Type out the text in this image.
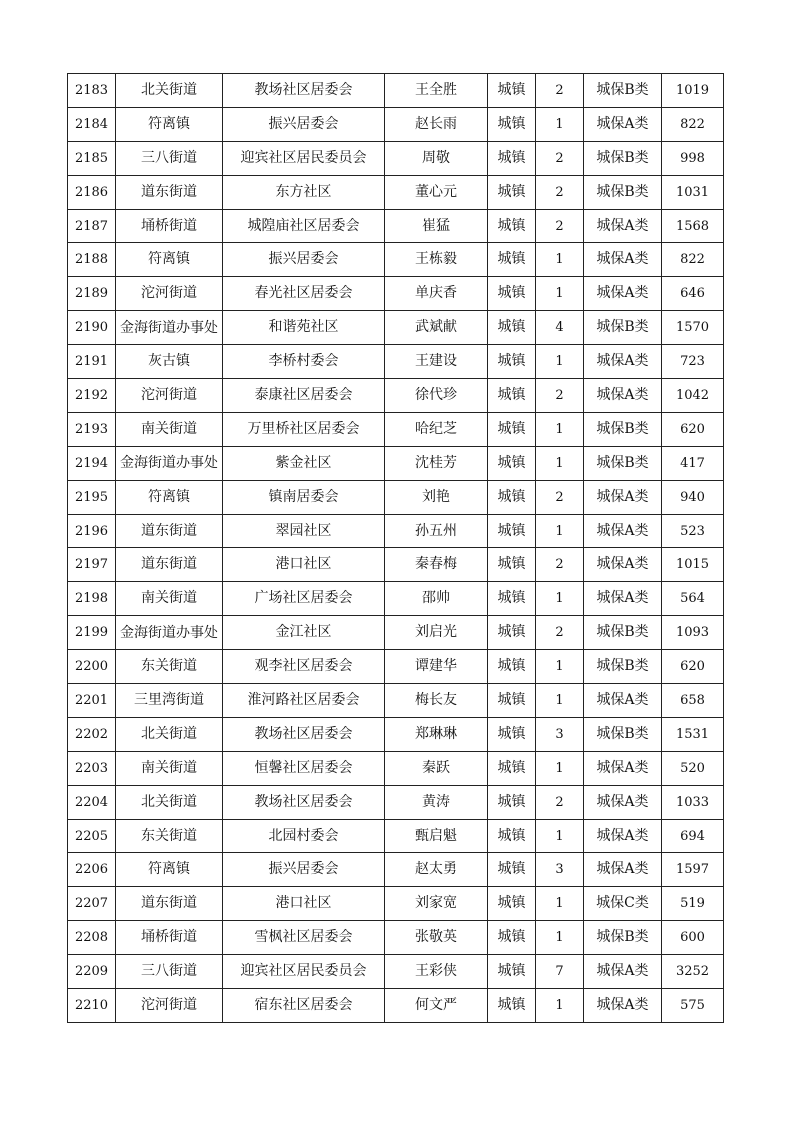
2183	北关街道	教场社区居委会	王全胜	城镇	2	城保B类	1019
2184	符离镇	振兴居委会	赵长雨	城镇	1	城保A类	822
2185	三八街道	迎宾社区居民委员会	周敬	城镇	2	城保B类	998
2186	道东街道	东方社区	董心元	城镇	2	城保B类	1031
2187	埇桥街道	城隍庙社区居委会	崔猛	城镇	2	城保A类	1568
2188	符离镇	振兴居委会	王栋毅	城镇	1	城保A类	822
2189	沱河街道	春光社区居委会	单庆香	城镇	1	城保A类	646
2190	金海街道办事处	和谐苑社区	武斌献	城镇	4	城保B类	1570
2191	灰古镇	李桥村委会	王建设	城镇	1	城保A类	723
2192	沱河街道	泰康社区居委会	徐代珍	城镇	2	城保A类	1042
2193	南关街道	万里桥社区居委会	哈纪芝	城镇	1	城保B类	620
2194	金海街道办事处	紫金社区	沈桂芳	城镇	1	城保B类	417
2195	符离镇	镇南居委会	刘艳	城镇	2	城保A类	940
2196	道东街道	翠园社区	孙五州	城镇	1	城保A类	523
2197	道东街道	港口社区	秦春梅	城镇	2	城保A类	1015
2198	南关街道	广场社区居委会	邵帅	城镇	1	城保A类	564
2199	金海街道办事处	金江社区	刘启光	城镇	2	城保B类	1093
2200	东关街道	观李社区居委会	谭建华	城镇	1	城保B类	620
2201	三里湾街道	淮河路社区居委会	梅长友	城镇	1	城保A类	658
2202	北关街道	教场社区居委会	郑琳琳	城镇	3	城保B类	1531
2203	南关街道	恒馨社区居委会	秦跃	城镇	1	城保A类	520
2204	北关街道	教场社区居委会	黄涛	城镇	2	城保A类	1033
2205	东关街道	北园村委会	甄启魁	城镇	1	城保A类	694
2206	符离镇	振兴居委会	赵太勇	城镇	3	城保A类	1597
2207	道东街道	港口社区	刘家宽	城镇	1	城保C类	519
2208	埇桥街道	雪枫社区居委会	张敬英	城镇	1	城保B类	600
2209	三八街道	迎宾社区居民委员会	王彩侠	城镇	7	城保A类	3252
2210	沱河街道	宿东社区居委会	何文严	城镇	1	城保A类	575
